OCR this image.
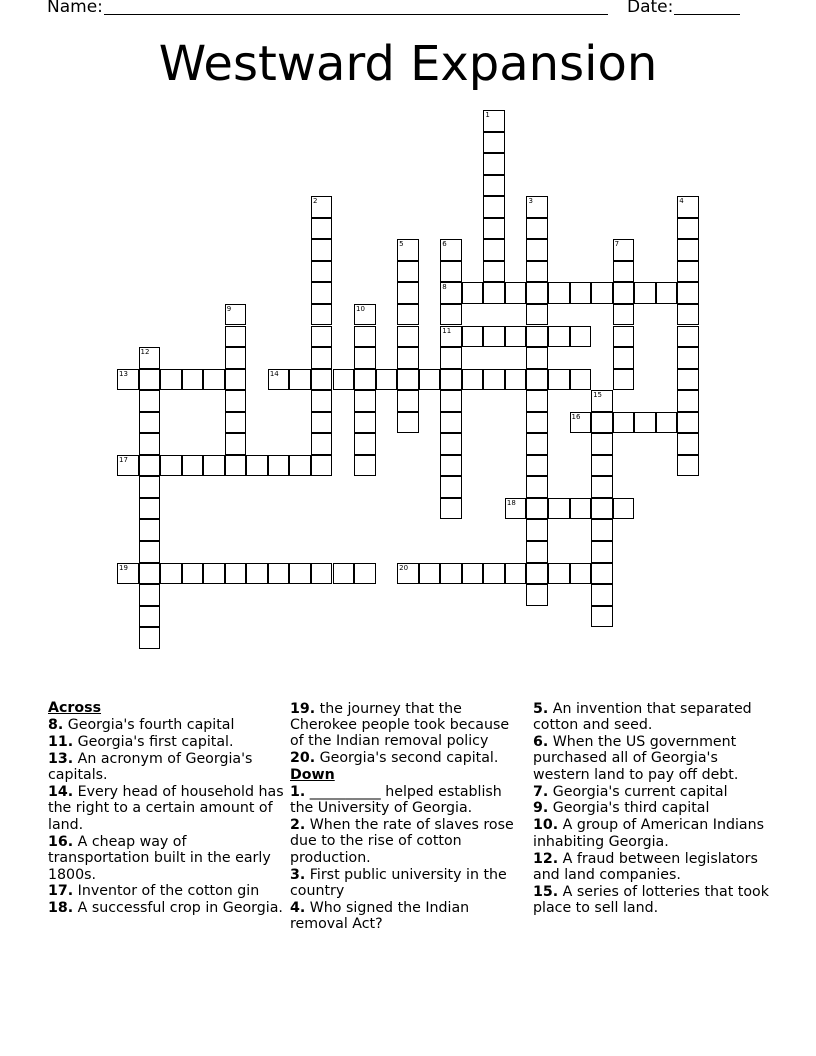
Name:	Date:
Westward Expansion
1
2	3	4
5	6
8
11
7
9	10
12
13	14
15
16
17
18
19	20
Across
8. Georgia's fourth capital
11. Georgia's first capital.
13. An acronym of Georgia's capitals.
14. Every head of household has the right to a certain amount of land.
16. A cheap way of transportation built in the early 1800s.
17. Inventor of the cotton gin
18. A successful crop in Georgia.
19. the journey that the Cherokee people took because of the Indian removal policy
20. Georgia's second capital.
Down
1. __________ helped establish the University of Georgia.
2. When the rate of slaves rose due to the rise of cotton production.
3. First public university in the country
4. Who signed the Indian removal Act?
5. An invention that separated cotton and seed.
6. When the US government purchased all of Georgia's western land to pay off debt.
7. Georgia's current capital
9. Georgia's third capital
10. A group of American Indians inhabiting Georgia.
12. A fraud between legislators and land companies.
15. A series of lotteries that took place to sell land.
